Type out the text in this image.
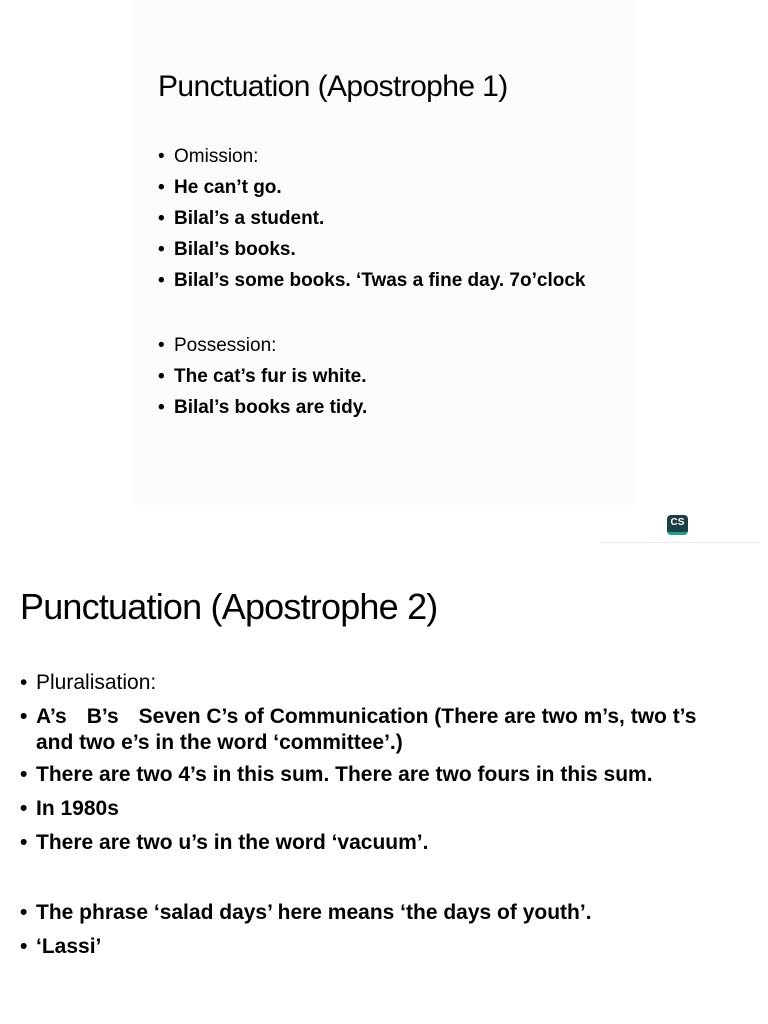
Punctuation (Apostrophe 1)
• Omission:
• He can’t go.
• Bilal’s a student.
• Bilal’s books.
• Bilal’s some books. ‘Twas a fine day. 7o’clock
• Possession:
• The cat’s fur is white.
• Bilal’s books are tidy.
CS
Punctuation (Apostrophe 2)
• Pluralisation:
• A’s B’s Seven C’s of Communication (There are two m’s, two t’s
and two e’s in the word ‘committee’.)
• There are two 4’s in this sum. There are two fours in this sum.
• In 1980s
• There are two u’s in the word ‘vacuum’.
• The phrase ‘salad days’ here means ‘the days of youth’.
• ‘Lassi’
